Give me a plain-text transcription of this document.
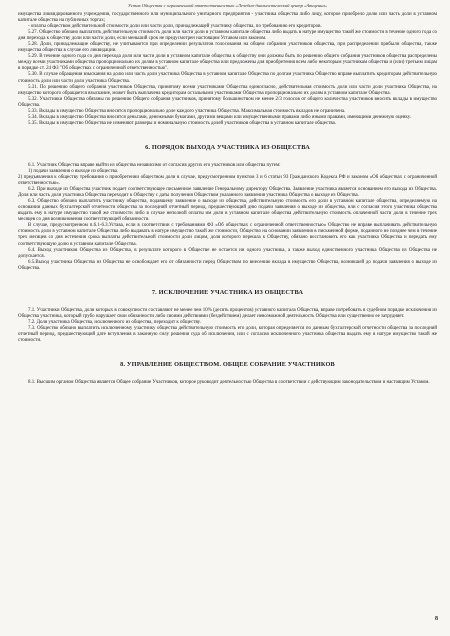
Устав Общества с ограниченной ответственностью «Лечебно-диагностический центр «Авиценна»

имущества ликвидированного учреждения, государственного или муниципального унитарного предприятия - участника общества либо лицу, которое приобрело долю или часть доли в уставном капитале общества на публичных торгах;

- оплаты обществом действительной стоимости доли или части доли, принадлежащей участнику общества, по требованию его кредиторов.

5.27. Общество обязано выплатить действительную стоимость доли или части доли в уставном капитале общества либо выдать в натуре имущество такой же стоимости в течение одного года со дня перехода к обществу доли или части доли, если меньший срок не предусмотрен настоящим Уставом или законом.

5.28. Доли, принадлежащие обществу, не учитываются при определении результатов голосования на общем собрании участников общества, при распределении прибыли общества, также имущества общества в случае его ликвидации.

5.29. В течение одного года со дня перехода доли или части доли в уставном капитале общества к обществу они должны быть по решению общего собрания участников общества распределены между всеми участниками общества пропорционально их долям в уставном капитале общества или предложены для приобретения всем либо некоторым участникам общества и (или) третьим лицам в порядке ст. 24 ФЗ "Об обществах с ограниченной ответственностью".

5.30. В случае обращения взыскания на долю или часть доли участника Общества в уставном капитале Общества по долгам участника Общество вправе выплатить кредиторам действительную стоимость доли или части доли участника Общества.

5.31. По решению общего собрания участников Общества, принятому всеми участниками Общества единогласно, действительная стоимость доли или части доли участника Общества, на имущество которого обращается взыскание, может быть выплачена кредиторам остальными участниками Общества пропорционально их долям в уставном капитале Общества.

5.32. Участники Общества обязаны по решению Общего собрания участников, принятому большинством не менее 2/3 голосов от общего количества участников вносить вклады в имущество Общества.

5.33. Вклады в имущество Общества вносятся пропорционально доле каждого участника Общества. Максимальная стоимость вкладов не ограничена.

5.34. Вклады в имущество Общества вносятся деньгами, денежными бумагами, другими вещами или имущественными правами либо иными правами, имеющими денежную оценку.

5.35. Вклады в имущество Общества не изменяют размеры и номинальную стоимость долей участников общества в уставном капитале общества.

6. ПОРЯДОК ВЫХОДА УЧАСТНИКА ИЗ ОБЩЕСТВА

6.1. Участник Общества вправе выйти из общества независимо от согласия других его участников или общества путем:

1) подачи заявления о выходе из общества.

2) предъявления к обществу требования о приобретении обществом доли в случае, предусмотренном пунктом 3 и 6 статьи 93 Гражданского Кодекса РФ и законом «Об обществах с ограниченной ответственностью».

6.2. При выходе из Общества участник подает соответствующее письменное заявление Генеральному директору Общества. Заявление участника является основанием его выхода из Общества. Доля или часть доли участника Общества переходит к Обществу с даты получения Обществом указанного заявления участника Общества о выходе из Общества.

6.3. Общество обязано выплатить участнику общества, подавшему заявление о выходе из общества, действительную стоимость его доли в уставном капитале общества, определяемую на основании данных бухгалтерской отчетности общества за последний отчетный период, предшествующий дню подачи заявления о выходе из общества, или с согласия этого участника общества выдать ему в натуре имущество такой же стоимости либо в случае неполной оплаты им доли в уставном капитале общества действительную стоимость оплаченной части доли в течение трех месяцев со дня возникновения соответствующей обязанности.

В случае, предусмотренном п.6.1-6.3.Устава, если в соответствии с требованиями ФЗ «Об обществах с ограниченной ответственностью» Общество не вправе выплачивать действительную стоимость доли в уставном капитале Общества либо выдавать в натуре имущество такой же стоимости, Общество на основании заявления в письменной форме, поданного не позднее чем в течение трех месяцев со дня истечения срока выплаты действительной стоимости доли лицом, доля которого перешла к Обществу, обязано восстановить его как участника Общества и передать ему соответствующую долю в уставном капитале Общества.

6.4. Выход участников Общества из Общества, в результате которого в Обществе не остается ни одного участника, а также выход единственного участника Общества из Общества не допускается.

6.5.Выход участника Общества из Общества не освобождает его от обязанности перед Обществом по внесению вклада в имущество Общества, возникшей до подачи заявления о выходе из Общества.

7. ИСКЛЮЧЕНИЕ УЧАСТНИКА ИЗ ОБЩЕСТВА

7.1. Участники Общества, доли которых в совокупности составляют не менее чем 10% (десять процентов) уставного капитала Общества, вправе потребовать в судебном порядке исключения из Общества участника, который грубо нарушает свои обязанности либо своими действиями (бездействием) делает невозможной деятельность Общества или существенно ее затрудняет.

7.2. Доля участника Общества, исключенного из общества, переходит к обществу.

7.3. Общество обязано выплатить исключенному участнику общества действительную стоимость его доли, которая определяется по данным бухгалтерской отчетности общества за последний отчетный период, предшествующий дате вступления в законную силу решения суда об исключении, или с согласия исключенного участника общества выдать ему в натуре имущество такой же стоимости.

8. УПРАВЛЕНИЕ ОБЩЕСТВОМ. ОБЩЕЕ СОБРАНИЕ УЧАСТНИКОВ

8.1. Высшим органом Общества является Общее собрание Участников, которое руководит деятельностью Общества в соответствии с действующим законодательством и настоящим Уставом.

8
